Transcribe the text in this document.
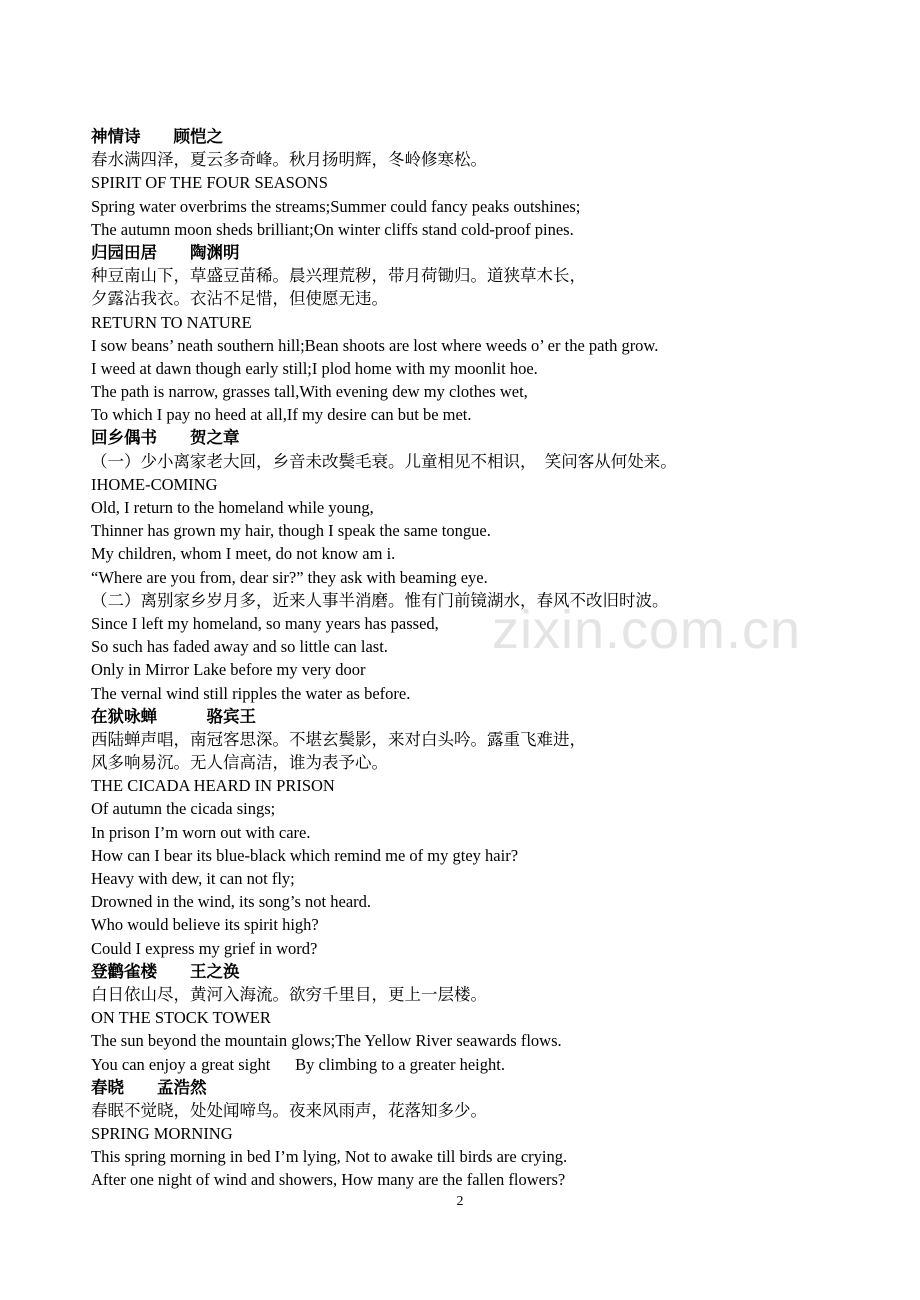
zixin.com.cn
神情诗　　顾恺之
春水满四泽，夏云多奇峰。秋月扬明辉，冬岭修寒松。
SPIRIT OF THE FOUR SEASONS
Spring water overbrims the streams;Summer could fancy peaks outshines;
The autumn moon sheds brilliant;On winter cliffs stand cold-proof pines.
归园田居　　陶渊明
种豆南山下，草盛豆苗稀。晨兴理荒秽，带月荷锄归。道狭草木长，
夕露沾我衣。衣沾不足惜，但使愿无违。
RETURN TO NATURE
I sow beans’ neath southern hill;Bean shoots are lost where weeds o’ er the path grow.
I weed at dawn though early still;I plod home with my moonlit hoe.
The path is narrow, grasses tall,With evening dew my clothes wet,
To which I pay no heed at all,If my desire can but be met.
回乡偶书　　贺之章
（一）少小离家老大回，乡音未改鬓毛衰。儿童相见不相识，　笑问客从何处来。
IHOME-COMING
Old, I return to the homeland while young,
Thinner has grown my hair, though I speak the same tongue.
My children, whom I meet, do not know am i.
“Where are you from, dear sir?” they ask with beaming eye.
（二）离别家乡岁月多，近来人事半消磨。惟有门前镜湖水，春风不改旧时波。
Since I left my homeland, so many years has passed,
So such has faded away and so little can last.
Only in Mirror Lake before my very door
The vernal wind still ripples the water as before.
在狱咏蝉　　　骆宾王
西陆蝉声唱，南冠客思深。不堪玄鬓影，来对白头吟。露重飞难进，
风多响易沉。无人信高洁，谁为表予心。
THE CICADA HEARD IN PRISON
Of autumn the cicada sings;
In prison I’m worn out with care.
How can I bear its blue-black which remind me of my gtey hair?
Heavy with dew, it can not fly;
Drowned in the wind, its song’s not heard.
Who would believe its spirit high?
Could I express my grief in word?
登鹳雀楼　　王之涣
白日依山尽，黄河入海流。欲穷千里目，更上一层楼。
ON THE STOCK TOWER
The sun beyond the mountain glows;The Yellow River seawards flows.
You can enjoy a great sight      By climbing to a greater height.
春晓　　孟浩然
春眠不觉晓，处处闻啼鸟。夜来风雨声，花落知多少。
SPRING MORNING
This spring morning in bed I’m lying, Not to awake till birds are crying.
After one night of wind and showers, How many are the fallen flowers?
2
